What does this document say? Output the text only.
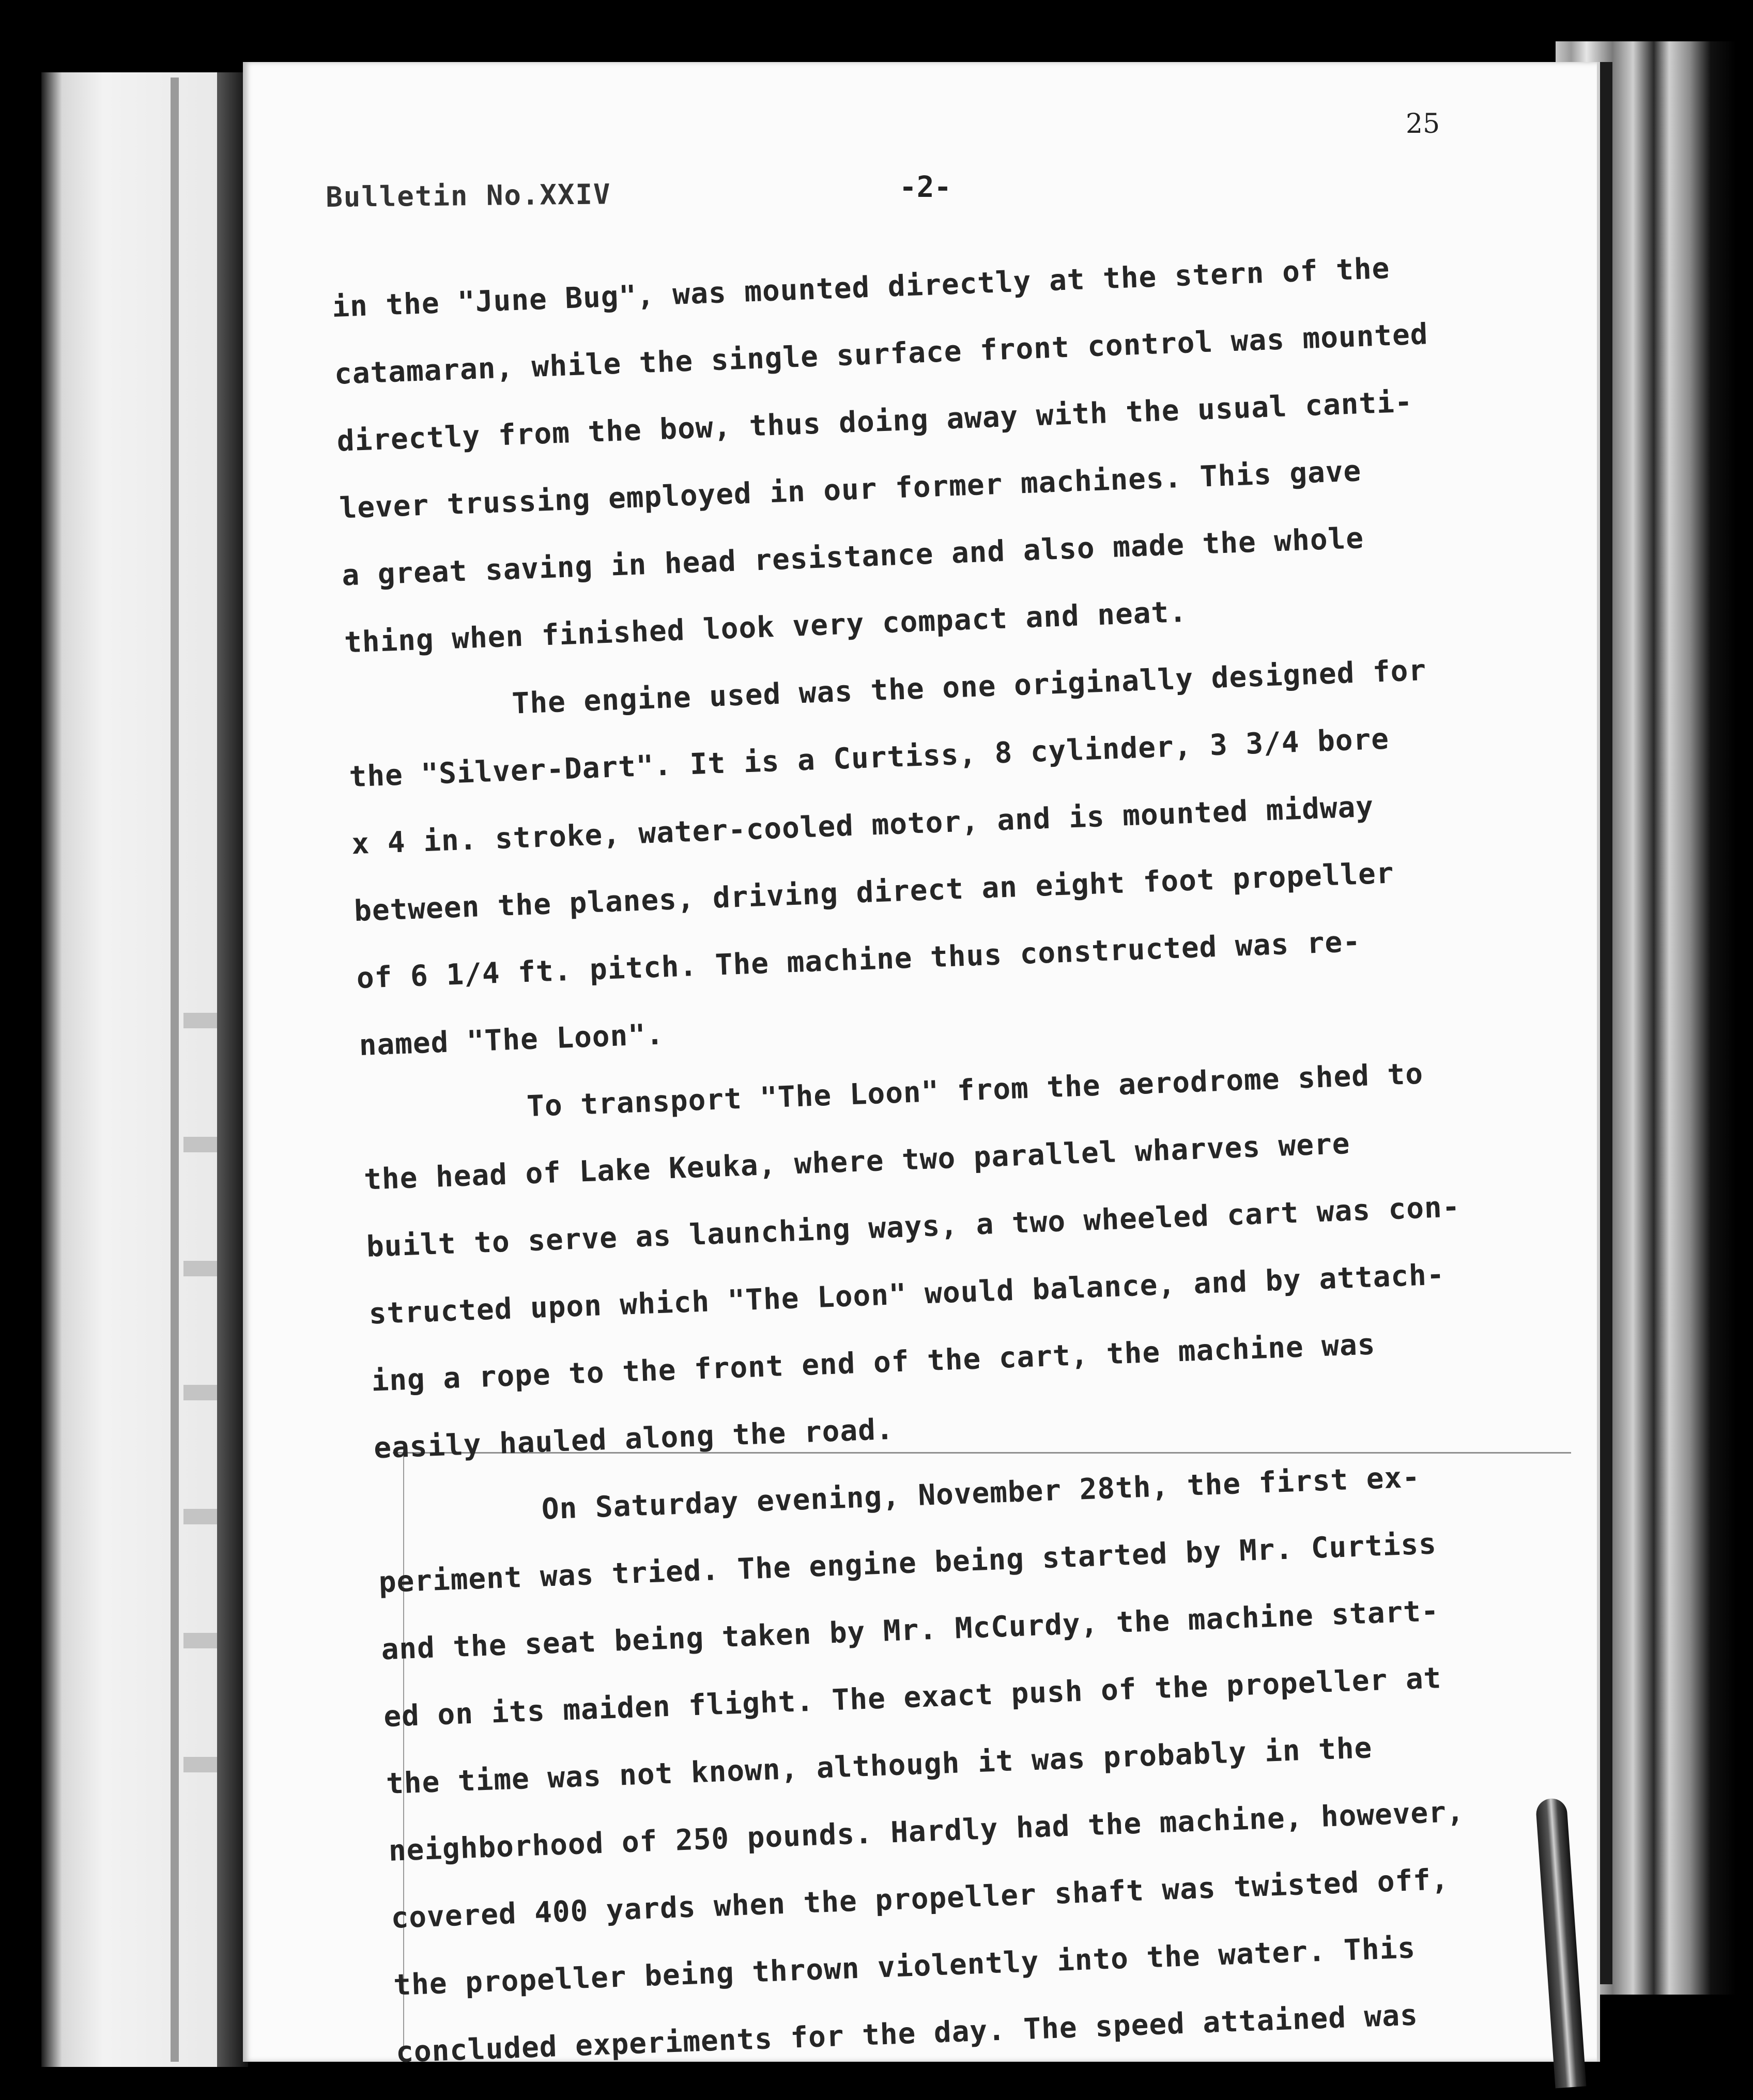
25
Bulletin No.XXIV	-2-
in the "June Bug", was mounted directly at the stern of the
catamaran, while the single surface front control was mounted
directly from the bow, thus doing away with the usual canti-
lever trussing employed in our former machines. This gave
a great saving in head resistance and also made the whole
thing when finished look very compact and neat.
The engine used was the one originally designed for
the "Silver-Dart". It is a Curtiss, 8 cylinder, 3 3/4 bore
x 4 in. stroke, water-cooled motor, and is mounted midway
between the planes, driving direct an eight foot propeller
of 6 1/4 ft. pitch. The machine thus constructed was re-
named "The Loon".
To transport "The Loon" from the aerodrome shed to
the head of Lake Keuka, where two parallel wharves were
built to serve as launching ways, a two wheeled cart was con-
structed upon which "The Loon" would balance, and by attach-
ing a rope to the front end of the cart, the machine was
easily hauled along the road.
On Saturday evening, November 28th, the first ex-
periment was tried. The engine being started by Mr. Curtiss
and the seat being taken by Mr. McCurdy, the machine start-
ed on its maiden flight. The exact push of the propeller at
the time was not known, although it was probably in the
neighborhood of 250 pounds. Hardly had the machine, however,
covered 400 yards when the propeller shaft was twisted off,
the propeller being thrown violently into the water. This
concluded experiments for the day. The speed attained was
